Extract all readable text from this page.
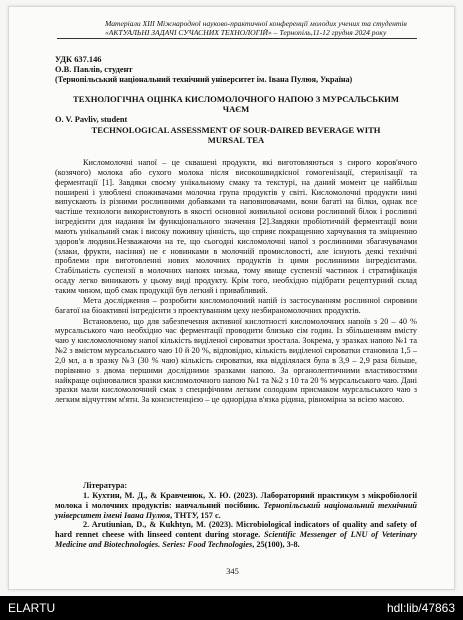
Матеріали XIII Міжнародної науково-практичної конференції молодих учених та студентів
«АКТУАЛЬНІ ЗАДАЧІ СУЧАСНИХ ТЕХНОЛОГІЙ» – Тернопіль,11-12 грудня 2024 року
УДК 637.146
О.В. Павлів, студент
(Тернопільський національний технічний університет ім. Івана Пулюя, Україна)
ТЕХНОЛОГІЧНА ОЦІНКА КИСЛОМОЛОЧНОГО НАПОЮ З МУРСАЛЬСЬКИМ
ЧАЄМ
O. V. Pavliv, student
TECHNOLOGICAL ASSESSMENT OF SOUR-DAIRED BEVERAGE WITH
MURSAL TEA

Кисломолочні напої – це сквашені продукти, які виготовляються з сирого коров'ячого (козячого) молока або сухого молока після високошвидкісної гомогенізації, стерилізації та ферментації [1]. Завдяки своєму унікальному смаку та текстурі, на даний момент це найбільш поширені і улюблені споживачами молочна група продуктів у світі. Кисломолочні продукти нині випускають із різними рослинними добавками та наповнювачами, вони багаті на білки, однак все частіше технологи використовують в якості основної живильної основи рослинний білок і рослинні інгредієнти для надання їм функціонального значення [2].Завдяки пробіотичній ферментації вони мають унікальний смак і високу поживну цінність, що сприяє покращенню харчування та зміцненню здоров'я людини.Незважаючи на те, що сьогодні кисломолочні напої з рослинними збагачувачами (злаки, фрукти, насіння) не є новинками в молочній промисловості, але існують деякі технічні проблеми при виготовленні нових молочних продуктів із цими рослинними інгредієнтами. Стабільність суспензії в молочних напоях низька, тому явище суспензії частинок і стратифікація осаду легко виникають у цьому виді продукту. Крім того, необхідно підібрати рецептурний склад таким чином, щоб смак продукції був легкий і привабливий.

Мета дослідження – розробити кисломолочний напій із застосуванням рослинної сировини багатої на біоактивні інгредієнти з проектуванням цеху незбираномолочних продуктів.

Встановлено, що для забезпечення активної кислотності кисломолочних напоїв з 20 – 40 % мурсальського чаю необхідно час ферментації проводити близько сім годин. Із збільшенням вмісту чаю у кисломолочному напої кількість виділеної сироватки зростала. Зокрема, у зразках напою №1 та №2 з вмістом мурсальського чаю 10 й 20 %, відповідно, кількість виділеної сироватки становила 1,5 – 2,0 мл, а в зразку №3 (30 % чаю) кількість сироватки, яка відділялася була в 3,9 – 2,9 раза більше, порівняно з двома першими дослідними зразками напою. За органолептичними властивостями найкраще оцінювалися зразки кисломолочного напою №1 та №2 з 10 та 20 % мурсальського чаю. Дані зразки мали кисломолочний смак з специфічним легким солодким присмаком мурсальського чаю з легким відчуттям м'ятн. За консистенцією – це однорідна в'язка рідина, рівномірна за всією масою.

Література:

1. Кухтин, М. Д., & Кравченюк, Х. Ю. (2023). Лабораторний практикум з мікробіології молока і молочних продуктів: навчальний посібник. Тернопільський національний технічний університет імені Івана Пулюя, ТНТУ, 157 с.

2. Arutiunian, D., & Kukhtyn, M. (2023). Microbiological indicators of quality and safety of hard rennet cheese with linseed content during storage. Scientific Messenger of LNU of Veterinary Medicine and Biotechnologies. Series: Food Technologies, 25(100), 3-8.

345
ELARTU	hdl:lib/47863
